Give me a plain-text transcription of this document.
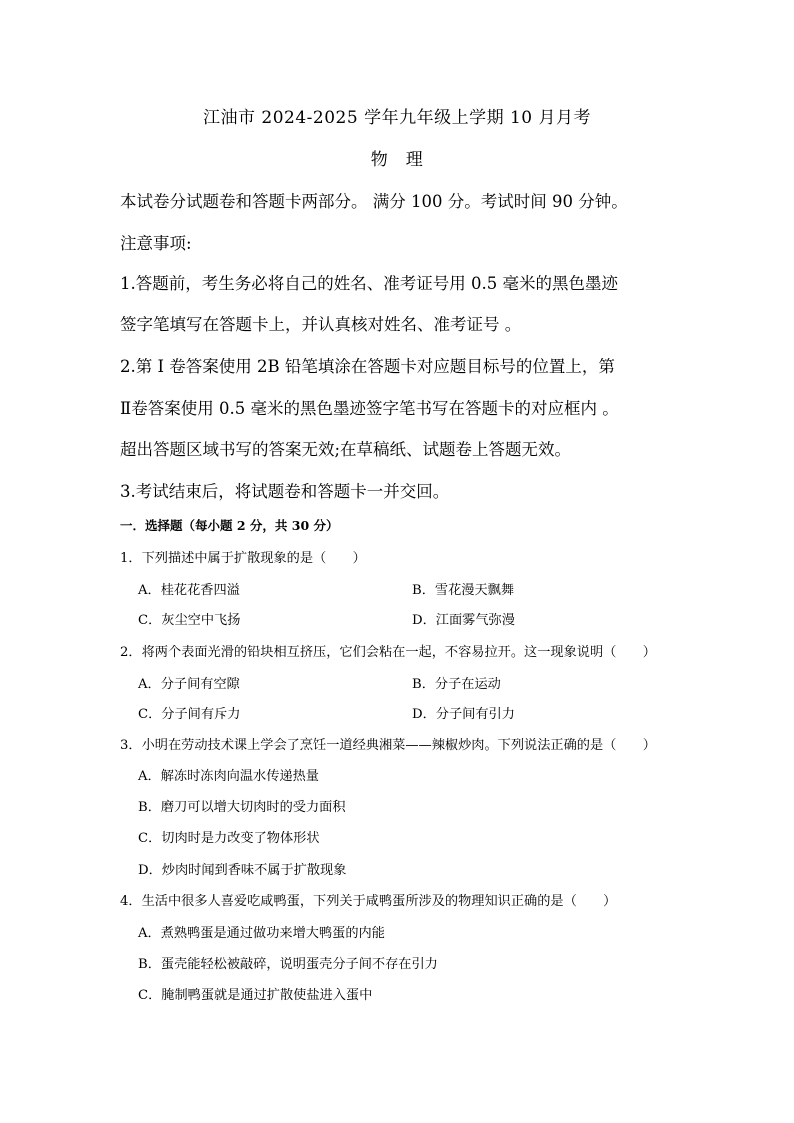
江油市 2024-2025 学年九年级上学期 10 月月考
物　理
本试卷分试题卷和答题卡两部分。 满分 100 分。考试时间 90 分钟。
注意事项:
1.答题前，考生务必将自己的姓名、准考证号用 0.5 毫米的黑色墨迹
签字笔填写在答题卡上，并认真核对姓名、准考证号 。
2.第 I 卷答案使用 2B 铅笔填涂在答题卡对应题目标号的位置上，第
Ⅱ卷答案使用 0.5 毫米的黑色墨迹签字笔书写在答题卡的对应框内 。
超出答题区域书写的答案无效;在草稿纸、试题卷上答题无效。
3.考试结束后，将试题卷和答题卡一并交回。
一．选择题（每小题 2 分，共 30 分）
1．下列描述中属于扩散现象的是（　　）
A．桂花花香四溢	B．雪花漫天飘舞
C．灰尘空中飞扬	D．江面雾气弥漫
2．将两个表面光滑的铅块相互挤压，它们会粘在一起，不容易拉开。这一现象说明（　　）
A．分子间有空隙	B．分子在运动
C．分子间有斥力	D．分子间有引力
3．小明在劳动技术课上学会了烹饪一道经典湘菜——辣椒炒肉。下列说法正确的是（　　）
A．解冻时冻肉向温水传递热量
B．磨刀可以增大切肉时的受力面积
C．切肉时是力改变了物体形状
D．炒肉时闻到香味不属于扩散现象
4．生活中很多人喜爱吃咸鸭蛋，下列关于咸鸭蛋所涉及的物理知识正确的是（　　）
A．煮熟鸭蛋是通过做功来增大鸭蛋的内能
B．蛋壳能轻松被敲碎，说明蛋壳分子间不存在引力
C．腌制鸭蛋就是通过扩散使盐进入蛋中
